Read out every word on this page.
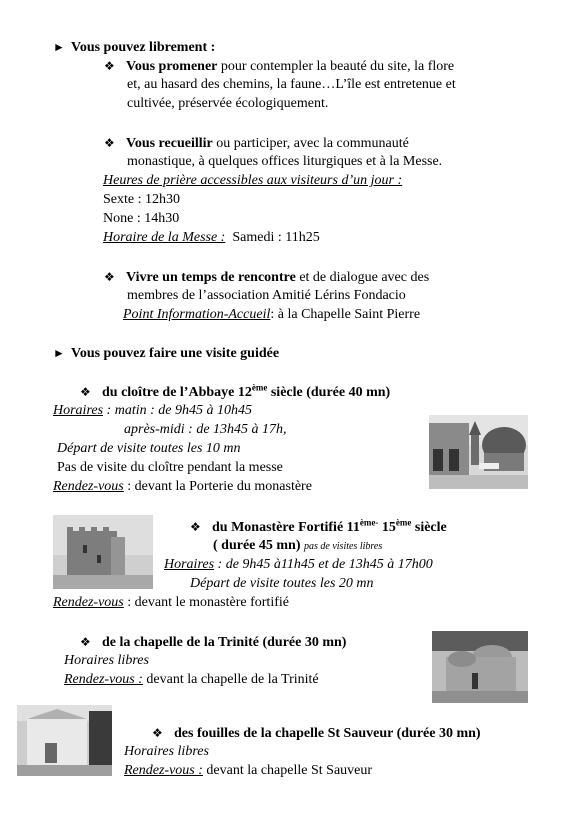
► Vous pouvez librement :
❖ Vous promener pour contempler la beauté du site, la flore
et, au hasard des chemins, la faune…L’île est entretenue et
cultivée, préservée écologiquement.
❖ Vous recueillir ou participer, avec la communauté
monastique, à quelques offices liturgiques et à la Messe.
Heures de prière accessibles aux visiteurs d’un jour :
Sexte : 12h30
None : 14h30
Horaire de la Messe :  Samedi : 11h25
❖ Vivre un temps de rencontre et de dialogue avec des
membres de l’association Amitié Lérins Fondacio
Point Information-Accueil: à la Chapelle Saint Pierre
► Vous pouvez faire une visite guidée
❖ du cloître de l’Abbaye 12ème siècle (durée 40 mn)
Horaires : matin : de 9h45 à 10h45
après-midi : de 13h45 à 17h,
Départ de visite toutes les 10 mn
Pas de visite du cloître pendant la messe
Rendez-vous : devant la Porterie du monastère
❖ du Monastère Fortifié $11^{ème-}$ 15ème siècle
( durée 45 mn) pas de visites libres
Horaires : de 9h45 à11h45 et de 13h45 à 17h00
Départ de visite toutes les 20 mn
Rendez-vous : devant le monastère fortifié
❖ de la chapelle de la Trinité (durée 30 mn)
Horaires libres
Rendez-vous : devant la chapelle de la Trinité
❖ des fouilles de la chapelle St Sauveur (durée 30 mn)
Horaires libres
Rendez-vous : devant la chapelle St Sauveur
